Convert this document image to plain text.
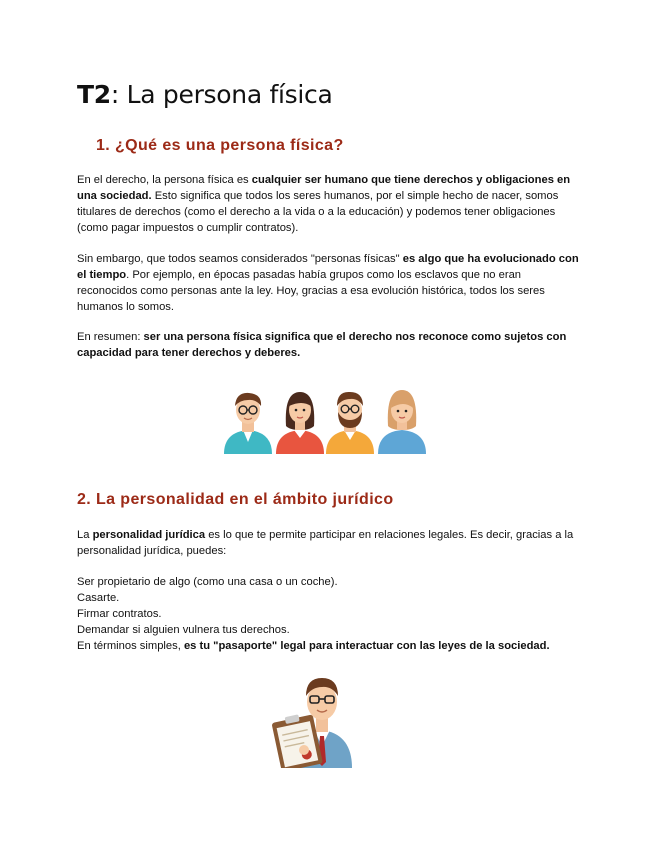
T2: La persona física
1. ¿Qué es una persona física?

En el derecho, la persona física es cualquier ser humano que tiene derechos y obligaciones en una sociedad. Esto significa que todos los seres humanos, por el simple hecho de nacer, somos titulares de derechos (como el derecho a la vida o a la educación) y podemos tener obligaciones (como pagar impuestos o cumplir contratos).

Sin embargo, que todos seamos considerados "personas físicas" es algo que ha evolucionado con el tiempo. Por ejemplo, en épocas pasadas había grupos como los esclavos que no eran reconocidos como personas ante la ley. Hoy, gracias a esa evolución histórica, todos los seres humanos lo somos.

En resumen: ser una persona física significa que el derecho nos reconoce como sujetos con capacidad para tener derechos y deberes.

2. La personalidad en el ámbito jurídico

La personalidad jurídica es lo que te permite participar en relaciones legales. Es decir, gracias a la personalidad jurídica, puedes:

Ser propietario de algo (como una casa o un coche).
Casarte.
Firmar contratos.
Demandar si alguien vulnera tus derechos.
En términos simples, es tu "pasaporte" legal para interactuar con las leyes de la sociedad.
